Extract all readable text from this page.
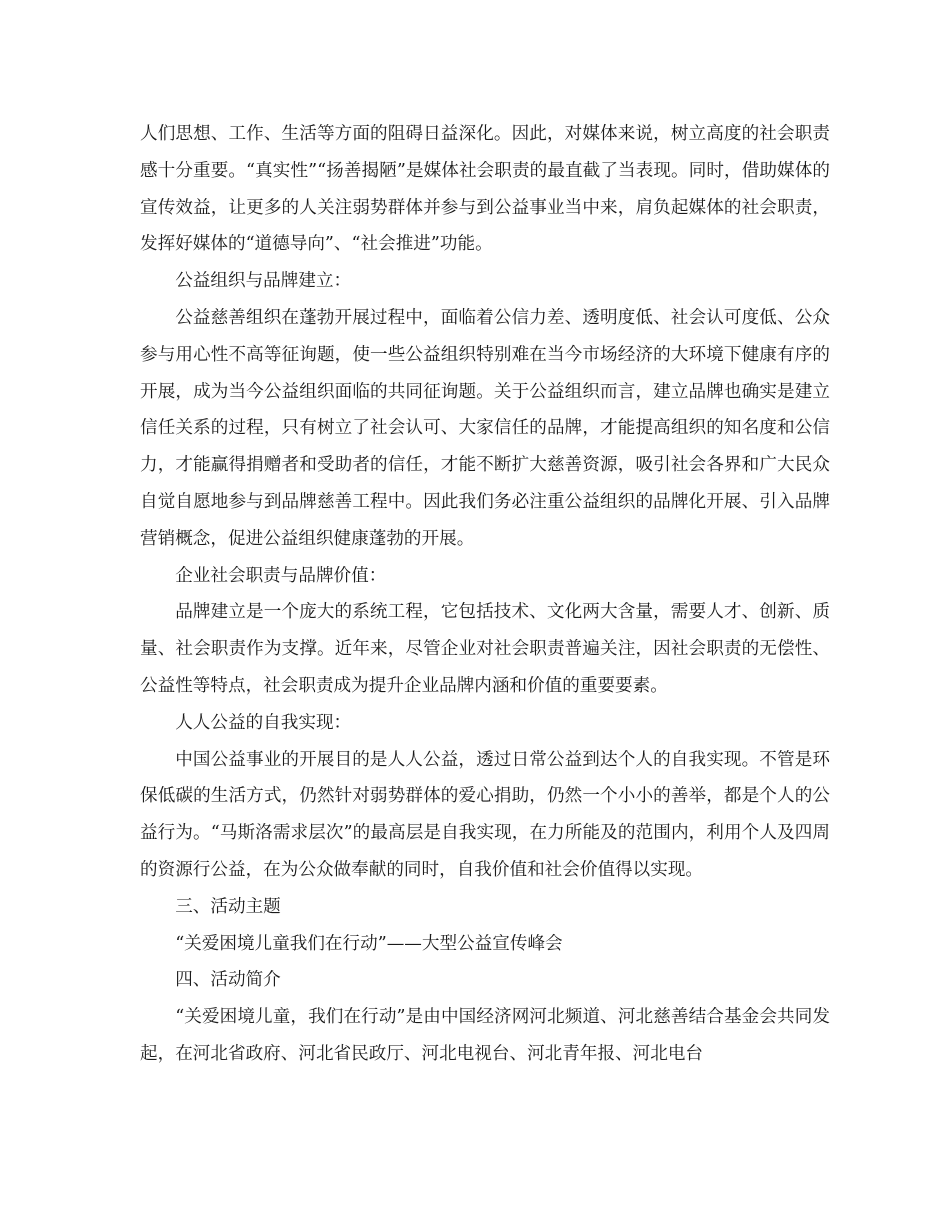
人们思想、工作、生活等方面的阻碍日益深化。因此，对媒体来说，树立高度的社会职责感十分重要。“真实性”“扬善揭陋”是媒体社会职责的最直截了当表现。同时，借助媒体的宣传效益，让更多的人关注弱势群体并参与到公益事业当中来，肩负起媒体的社会职责，发挥好媒体的“道德导向”、“社会推进”功能。

公益组织与品牌建立：

公益慈善组织在蓬勃开展过程中，面临着公信力差、透明度低、社会认可度低、公众参与用心性不高等征询题，使一些公益组织特别难在当今市场经济的大环境下健康有序的开展，成为当今公益组织面临的共同征询题。关于公益组织而言，建立品牌也确实是建立信任关系的过程，只有树立了社会认可、大家信任的品牌，才能提高组织的知名度和公信力，才能赢得捐赠者和受助者的信任，才能不断扩大慈善资源，吸引社会各界和广大民众自觉自愿地参与到品牌慈善工程中。因此我们务必注重公益组织的品牌化开展、引入品牌营销概念，促进公益组织健康蓬勃的开展。

企业社会职责与品牌价值：

品牌建立是一个庞大的系统工程，它包括技术、文化两大含量，需要人才、创新、质量、社会职责作为支撑。近年来，尽管企业对社会职责普遍关注，因社会职责的无偿性、公益性等特点，社会职责成为提升企业品牌内涵和价值的重要要素。

人人公益的自我实现：

中国公益事业的开展目的是人人公益，透过日常公益到达个人的自我实现。不管是环保低碳的生活方式，仍然针对弱势群体的爱心捐助，仍然一个小小的善举，都是个人的公益行为。“马斯洛需求层次”的最高层是自我实现，在力所能及的范围内，利用个人及四周的资源行公益，在为公众做奉献的同时，自我价值和社会价值得以实现。

三、活动主题

“关爱困境儿童我们在行动”——大型公益宣传峰会

四、活动简介

“关爱困境儿童，我们在行动”是由中国经济网河北频道、河北慈善结合基金会共同发起，在河北省政府、河北省民政厅、河北电视台、河北青年报、河北电台
